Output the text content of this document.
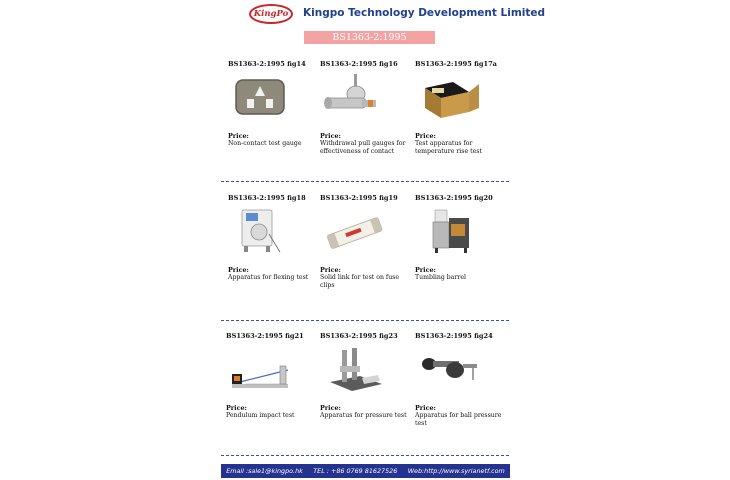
KingPo Kingpo Technology Development Limited
BS1363-2:1995
BS1363-2:1995 fig14
Price:
Non-contact test gauge
BS1363-2:1995 fig16
Price:
Withdrawal pull gauges for effectiveness of contact
BS1363-2:1995 fig17a
Price:
Test apparatus for temperature rise test
BS1363-2:1995 fig18
Price:
Apparatus for flexing test
BS1363-2:1995 fig19
Price:
Solid link for test on fuse clips
BS1363-2:1995 fig20
Price:
Tumbling barrel
BS1363-2:1995 fig21
Price:
Pendulum impact test
BS1363-2:1995 fig23
Price:
Apparatus for pressure test
BS1363-2:1995 fig24
Price:
Apparatus for ball pressure test
Email :sale1@kingpo.hk TEL : +86 0769 81627526 Web:http://www.syrianetf.com
